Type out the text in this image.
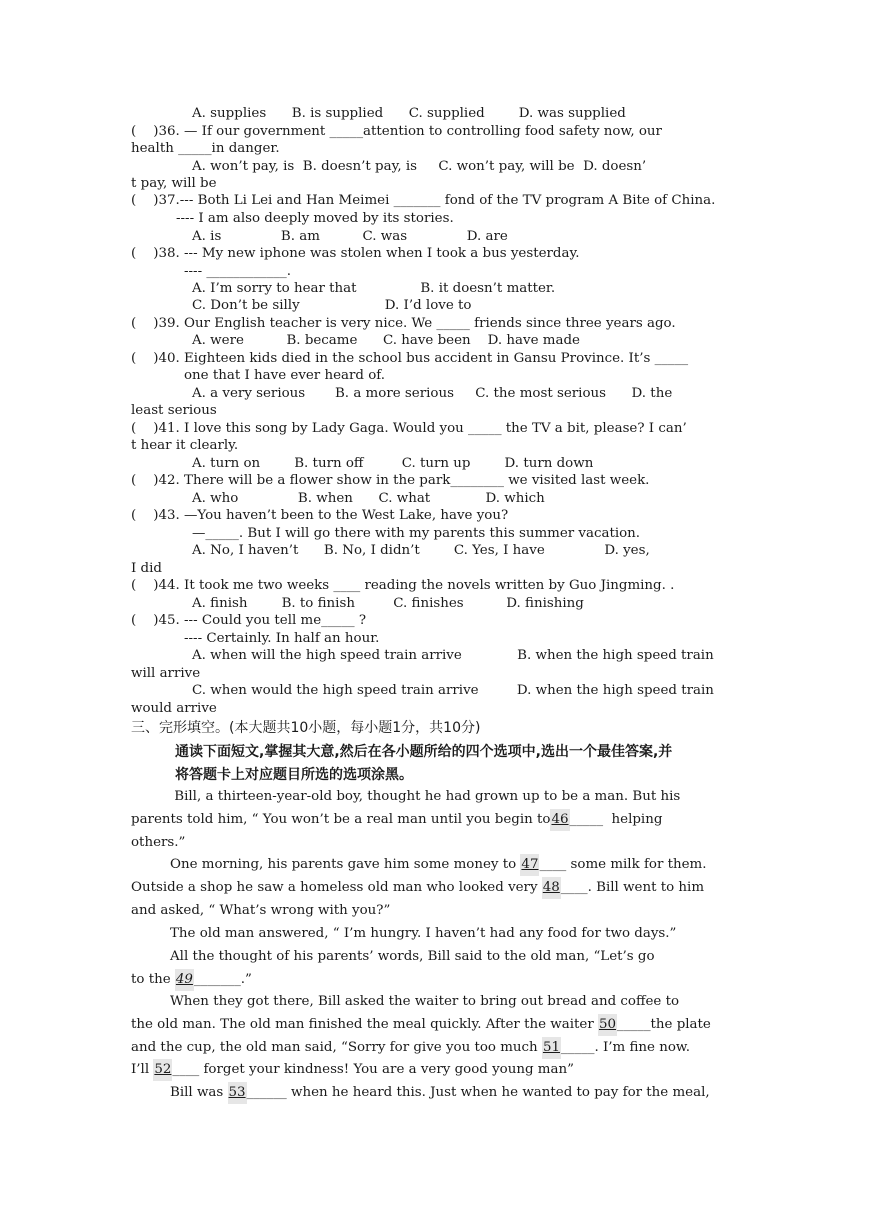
A. supplies      B. is supplied      C. supplied        D. was supplied
(    )36. — If our government _____attention to controlling food safety now, our
health _____in danger.
A. won’t pay, is  B. doesn’t pay, is     C. won’t pay, will be  D. doesn’
t pay, will be
(    )37.--- Both Li Lei and Han Meimei _______ fond of the TV program A Bite of China.
---- I am also deeply moved by its stories.
A. is              B. am          C. was              D. are
(    )38. --- My new iphone was stolen when I took a bus yesterday.
---- ____________.
A. I’m sorry to hear that               B. it doesn’t matter.
C. Don’t be silly                    D. I’d love to
(    )39. Our English teacher is very nice. We _____ friends since three years ago.
A. were          B. became      C. have been    D. have made
(    )40. Eighteen kids died in the school bus accident in Gansu Province. It’s _____
one that I have ever heard of.
A. a very serious       B. a more serious     C. the most serious      D. the
least serious
(    )41. I love this song by Lady Gaga. Would you _____ the TV a bit, please? I can’
t hear it clearly.
A. turn on        B. turn off         C. turn up        D. turn down
(    )42. There will be a flower show in the park________ we visited last week.
A. who              B. when      C. what             D. which
(    )43. —You haven’t been to the West Lake, have you?
—_____. But I will go there with my parents this summer vacation.
A. No, I haven’t      B. No, I didn’t        C. Yes, I have              D. yes,
I did
(    )44. It took me two weeks ____ reading the novels written by Guo Jingming. .
A. finish        B. to finish         C. finishes          D. finishing
(    )45. --- Could you tell me_____ ?
---- Certainly. In half an hour.
A. when will the high speed train arrive             B. when the high speed train
will arrive
C. when would the high speed train arrive         D. when the high speed train
would arrive
三、完形填空。(本大题共10小题，每小题1分，共10分)
通读下面短文,掌握其大意,然后在各小题所给的四个选项中,选出一个最佳答案,并
将答题卡上对应题目所选的选项涂黑。
Bill, a thirteen-year-old boy, thought he had grown up to be a man. But his
parents told him, “ You won’t be a real man until you begin to46_____  helping
others.”
One morning, his parents gave him some money to 47____ some milk for them.
Outside a shop he saw a homeless old man who looked very 48____. Bill went to him
and asked, “ What’s wrong with you?”
The old man answered, “ I’m hungry. I haven’t had any food for two days.”
All the thought of his parents’ words, Bill said to the old man, “Let’s go
to the 49_______.”
When they got there, Bill asked the waiter to bring out bread and coffee to
the old man. The old man finished the meal quickly. After the waiter 50_____the plate
and the cup, the old man said, “Sorry for give you too much 51_____. I’m fine now.
I’ll 52____ forget your kindness! You are a very good young man”
Bill was 53______ when he heard this. Just when he wanted to pay for the meal,
